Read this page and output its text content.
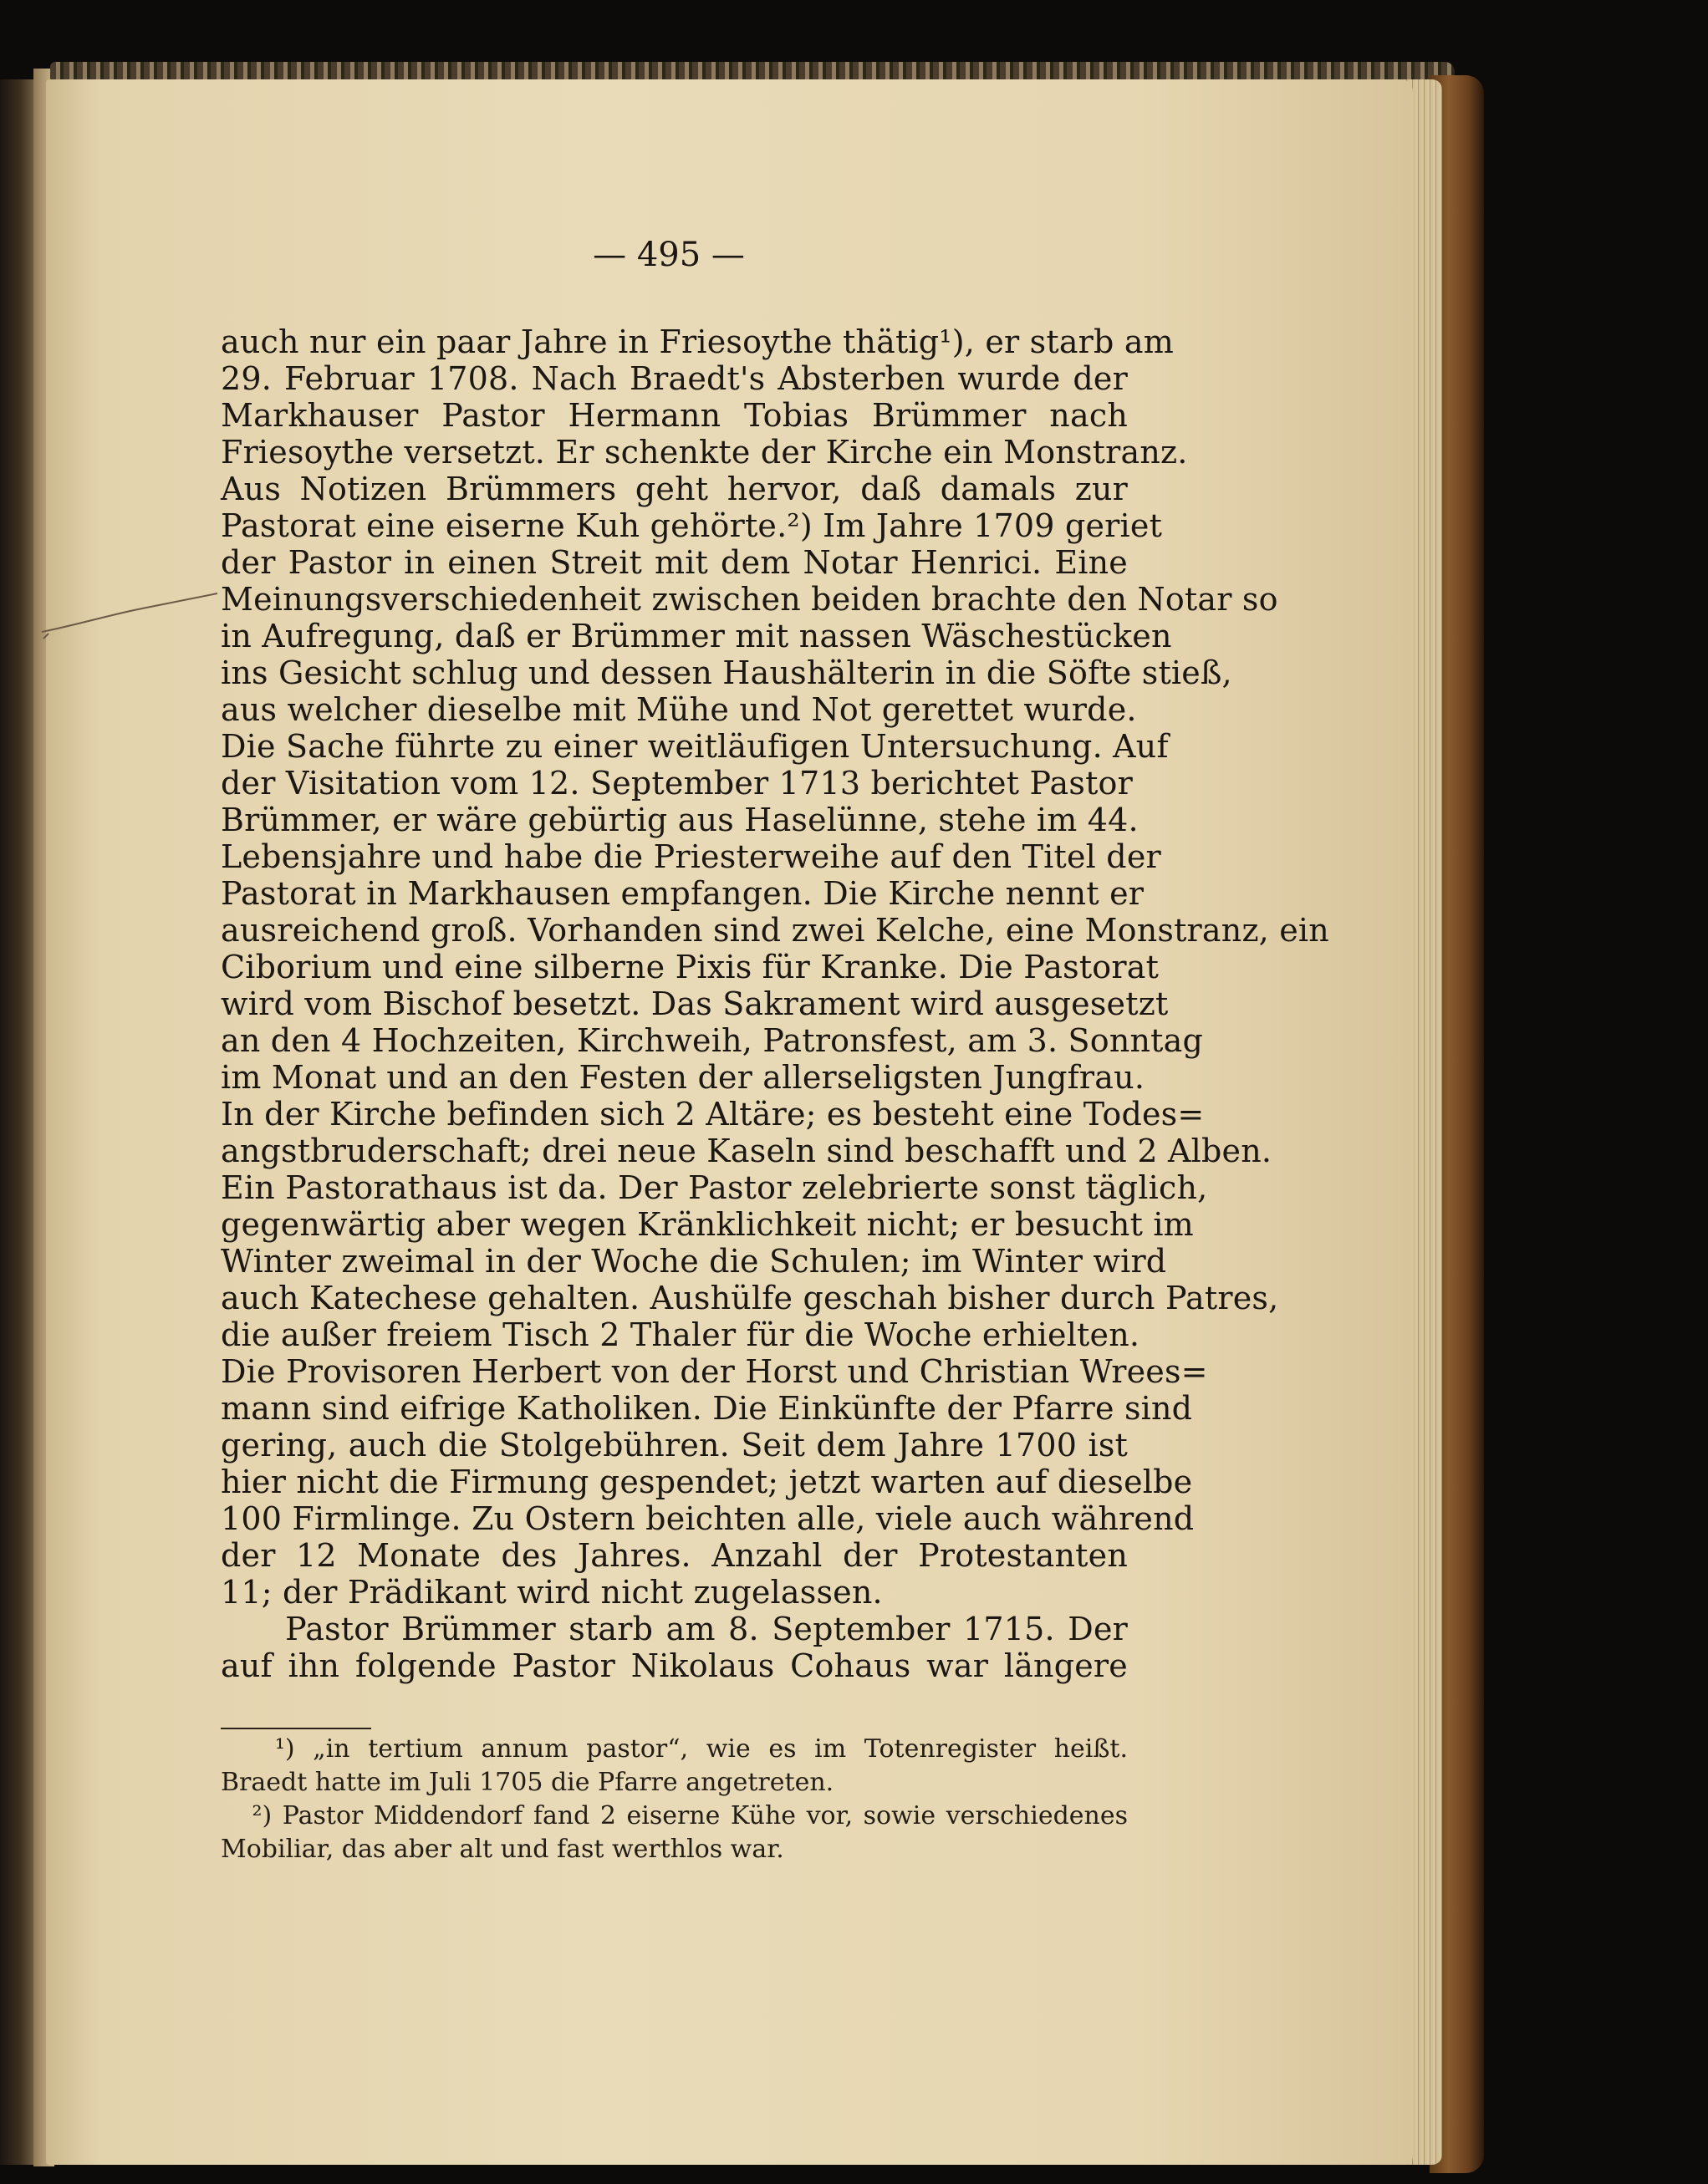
— 495 —
auch nur ein paar Jahre in Friesoythe thätig¹), er starb am
29. Februar 1708. Nach Braedt's Absterben wurde der
Markhauser Pastor Hermann Tobias Brümmer nach
Friesoythe versetzt. Er schenkte der Kirche ein Monstranz.
Aus Notizen Brümmers geht hervor, daß damals zur
Pastorat eine eiserne Kuh gehörte.²) Im Jahre 1709 geriet
der Pastor in einen Streit mit dem Notar Henrici. Eine
Meinungsverschiedenheit zwischen beiden brachte den Notar so
in Aufregung, daß er Brümmer mit nassen Wäschestücken
ins Gesicht schlug und dessen Haushälterin in die Söfte stieß,
aus welcher dieselbe mit Mühe und Not gerettet wurde.
Die Sache führte zu einer weitläufigen Untersuchung. Auf
der Visitation vom 12. September 1713 berichtet Pastor
Brümmer, er wäre gebürtig aus Haselünne, stehe im 44.
Lebensjahre und habe die Priesterweihe auf den Titel der
Pastorat in Markhausen empfangen. Die Kirche nennt er
ausreichend groß. Vorhanden sind zwei Kelche, eine Monstranz, ein
Ciborium und eine silberne Pixis für Kranke. Die Pastorat
wird vom Bischof besetzt. Das Sakrament wird ausgesetzt
an den 4 Hochzeiten, Kirchweih, Patronsfest, am 3. Sonntag
im Monat und an den Festen der allerseligsten Jungfrau.
In der Kirche befinden sich 2 Altäre; es besteht eine Todes=
angstbruderschaft; drei neue Kaseln sind beschafft und 2 Alben.
Ein Pastorathaus ist da. Der Pastor zelebrierte sonst täglich,
gegenwärtig aber wegen Kränklichkeit nicht; er besucht im
Winter zweimal in der Woche die Schulen; im Winter wird
auch Katechese gehalten. Aushülfe geschah bisher durch Patres,
die außer freiem Tisch 2 Thaler für die Woche erhielten.
Die Provisoren Herbert von der Horst und Christian Wrees=
mann sind eifrige Katholiken. Die Einkünfte der Pfarre sind
gering, auch die Stolgebühren. Seit dem Jahre 1700 ist
hier nicht die Firmung gespendet; jetzt warten auf dieselbe
100 Firmlinge. Zu Ostern beichten alle, viele auch während
der 12 Monate des Jahres. Anzahl der Protestanten
11; der Prädikant wird nicht zugelassen.
Pastor Brümmer starb am 8. September 1715. Der
auf ihn folgende Pastor Nikolaus Cohaus war längere
¹) „in tertium annum pastor“, wie es im Totenregister heißt.
Braedt hatte im Juli 1705 die Pfarre angetreten.
²) Pastor Middendorf fand 2 eiserne Kühe vor, sowie verschiedenes
Mobiliar, das aber alt und fast werthlos war.
